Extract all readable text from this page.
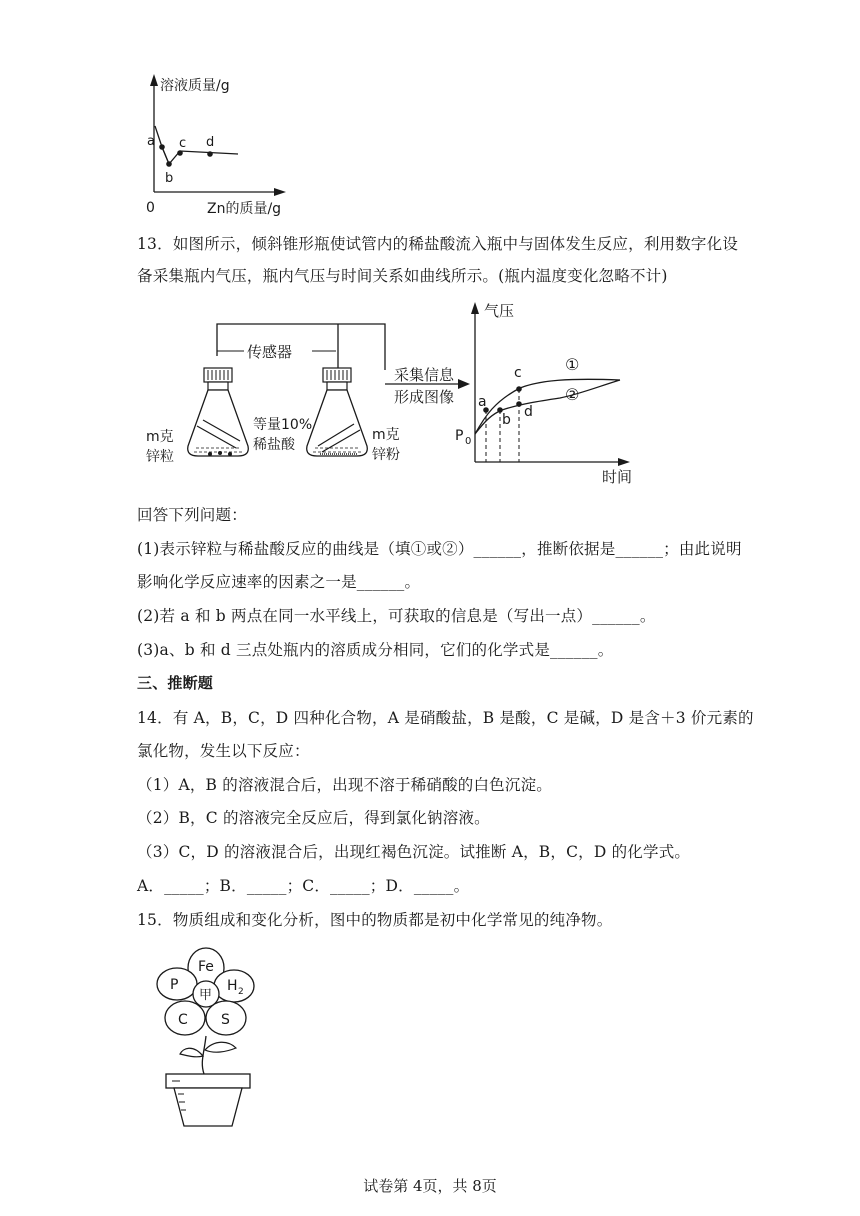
a
b
c d
溶液质量/g
0	Zn的质量/g
13．如图所示，倾斜锥形瓶使试管内的稀盐酸流入瓶中与固体发生反应，利用数字化设
备采集瓶内气压，瓶内气压与时间关系如曲线所示。(瓶内温度变化忽略不计)
传感器
等量10%
稀盐酸
m克
锌粒
m克
锌粉
采集信息
形成图像 a
b
c
d
①
②
P 0
气压
时间
回答下列问题：
(1)表示锌粒与稀盐酸反应的曲线是（填①或②）______，推断依据是______；由此说明
影响化学反应速率的因素之一是______。
(2)若 a 和 b 两点在同一水平线上，可获取的信息是（写出一点）______。
(3)a、b 和 d 三点处瓶内的溶质成分相同，它们的化学式是______。
三、推断题
14．有 A，B，C，D 四种化合物，A 是硝酸盐，B 是酸，C 是碱，D 是含＋3 价元素的
氯化物，发生以下反应：
（1）A，B 的溶液混合后，出现不溶于稀硝酸的白色沉淀。
（2）B，C 的溶液完全反应后，得到氯化钠溶液。
（3）C，D 的溶液混合后，出现红褐色沉淀。试推断 A，B，C，D 的化学式。
A．_____；B．_____；C．_____；D．_____。
15．物质组成和变化分析，图中的物质都是初中化学常见的纯净物。
Fe
P	H 2
C S
甲
试卷第 4页，共 8页
